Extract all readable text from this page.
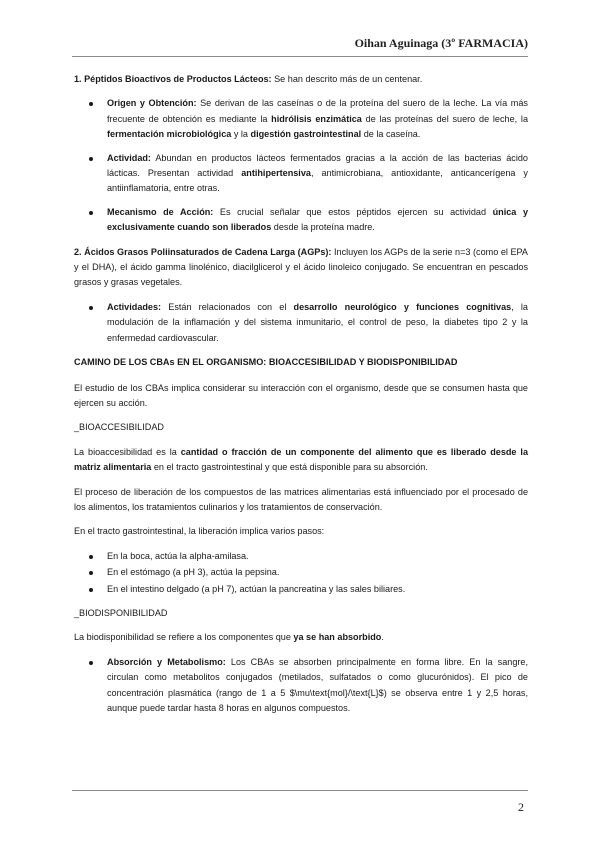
Oihan Aguinaga (3º FARMACIA)

1. Péptidos Bioactivos de Productos Lácteos: Se han descrito más de un centenar.

Origen y Obtención: Se derivan de las caseínas o de la proteína del suero de la leche. La vía más frecuente de obtención es mediante la hidrólisis enzimática de las proteínas del suero de leche, la fermentación microbiológica y la digestión gastrointestinal de la caseína.
Actividad: Abundan en productos lácteos fermentados gracias a la acción de las bacterias ácido lácticas. Presentan actividad antihipertensiva, antimicrobiana, antioxidante, anticancerígena y antiinflamatoria, entre otras.
Mecanismo de Acción: Es crucial señalar que estos péptidos ejercen su actividad única y exclusivamente cuando son liberados desde la proteína madre.

2. Ácidos Grasos Poliinsaturados de Cadena Larga (AGPs): Incluyen los AGPs de la serie n=3 (como el EPA y el DHA), el ácido gamma linolénico, diacilglicerol y el ácido linoleico conjugado. Se encuentran en pescados grasos y grasas vegetales.

Actividades: Están relacionados con el desarrollo neurológico y funciones cognitivas, la modulación de la inflamación y del sistema inmunitario, el control de peso, la diabetes tipo 2 y la enfermedad cardiovascular.

CAMINO DE LOS CBAs EN EL ORGANISMO: BIOACCESIBILIDAD Y BIODISPONIBILIDAD

El estudio de los CBAs implica considerar su interacción con el organismo, desde que se consumen hasta que ejercen su acción.

_BIOACCESIBILIDAD

La bioaccesibilidad es la cantidad o fracción de un componente del alimento que es liberado desde la matriz alimentaria en el tracto gastrointestinal y que está disponible para su absorción.

El proceso de liberación de los compuestos de las matrices alimentarias está influenciado por el procesado de los alimentos, los tratamientos culinarios y los tratamientos de conservación.

En el tracto gastrointestinal, la liberación implica varios pasos:

En la boca, actúa la alpha-amilasa.
En el estómago (a pH 3), actúa la pepsina.
En el intestino delgado (a pH 7), actúan la pancreatina y las sales biliares.

_BIODISPONIBILIDAD

La biodisponibilidad se refiere a los componentes que ya se han absorbido.

Absorción y Metabolismo: Los CBAs se absorben principalmente en forma libre. En la sangre, circulan como metabolitos conjugados (metilados, sulfatados o como glucurónidos). El pico de concentración plasmática (rango de 1 a 5 $\mu\text{mol}/\text{L}$) se observa entre 1 y 2,5 horas, aunque puede tardar hasta 8 horas en algunos compuestos.
2
